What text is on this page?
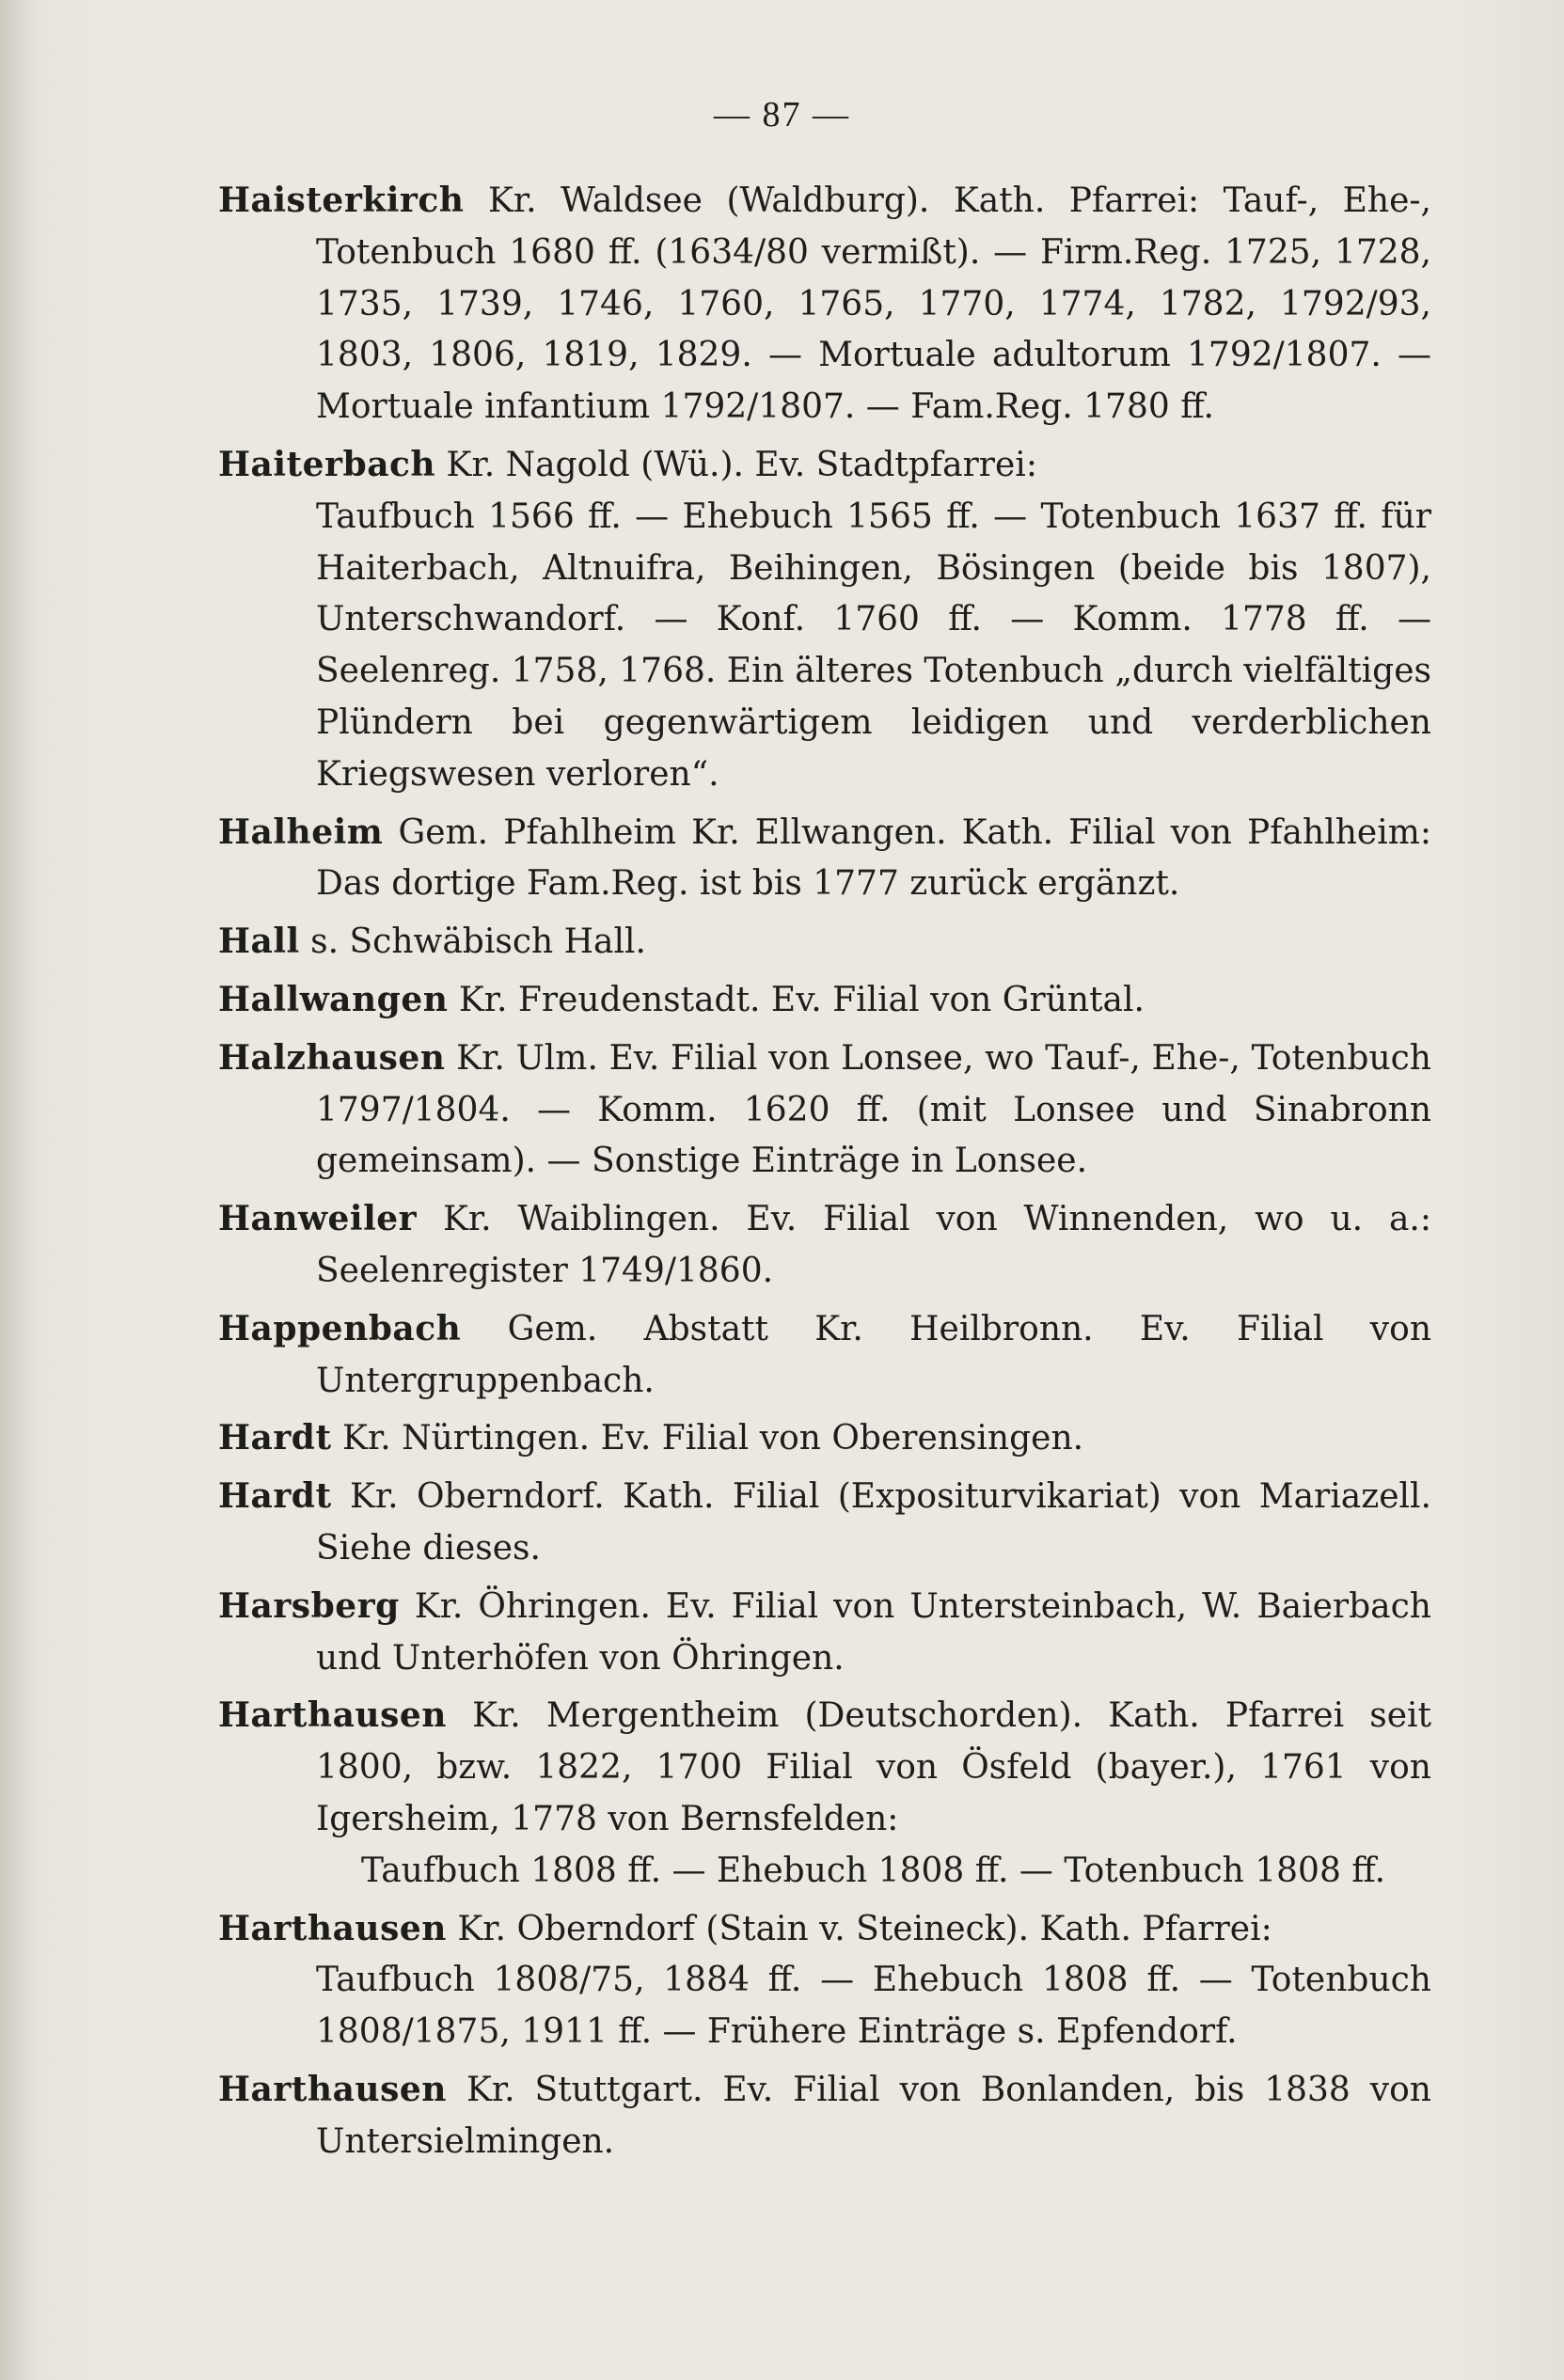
— 87 —

Haisterkirch Kr. Waldsee (Waldburg). Kath. Pfarrei: Tauf-, Ehe-, Totenbuch 1680 ff. (1634/80 vermißt). — Firm.Reg. 1725, 1728, 1735, 1739, 1746, 1760, 1765, 1770, 1774, 1782, 1792/93, 1803, 1806, 1819, 1829. — Mortuale adultorum 1792/1807. — Mortuale infantium 1792/1807. — Fam.Reg. 1780 ff.

Haiterbach Kr. Nagold (Wü.). Ev. Stadtpfarrei:

Taufbuch 1566 ff. — Ehebuch 1565 ff. — Totenbuch 1637 ff. für Haiterbach, Altnuifra, Beihingen, Bösingen (beide bis 1807), Unterschwandorf. — Konf. 1760 ff. — Komm. 1778 ff. — Seelenreg. 1758, 1768. Ein älteres Totenbuch „durch vielfältiges Plündern bei gegenwärtigem leidigen und verderblichen Kriegswesen verloren“.

Halheim Gem. Pfahlheim Kr. Ellwangen. Kath. Filial von Pfahlheim: Das dortige Fam.Reg. ist bis 1777 zurück ergänzt.

Hall s. Schwäbisch Hall.

Hallwangen Kr. Freudenstadt. Ev. Filial von Grüntal.

Halzhausen Kr. Ulm. Ev. Filial von Lonsee, wo Tauf-, Ehe-, Totenbuch 1797/1804. — Komm. 1620 ff. (mit Lonsee und Sinabronn gemeinsam). — Sonstige Einträge in Lonsee.

Hanweiler Kr. Waiblingen. Ev. Filial von Winnenden, wo u. a.: Seelenregister 1749/1860.

Happenbach Gem. Abstatt Kr. Heilbronn. Ev. Filial von Untergruppenbach.

Hardt Kr. Nürtingen. Ev. Filial von Oberensingen.

Hardt Kr. Oberndorf. Kath. Filial (Expositurvikariat) von Mariazell. Siehe dieses.

Harsberg Kr. Öhringen. Ev. Filial von Untersteinbach, W. Baierbach und Unterhöfen von Öhringen.

Harthausen Kr. Mergentheim (Deutschorden). Kath. Pfarrei seit 1800, bzw. 1822, 1700 Filial von Ösfeld (bayer.), 1761 von Igersheim, 1778 von Bernsfelden:

Taufbuch 1808 ff. — Ehebuch 1808 ff. — Totenbuch 1808 ff.

Harthausen Kr. Oberndorf (Stain v. Steineck). Kath. Pfarrei:

Taufbuch 1808/75, 1884 ff. — Ehebuch 1808 ff. — Totenbuch 1808/1875, 1911 ff. — Frühere Einträge s. Epfendorf.

Harthausen Kr. Stuttgart. Ev. Filial von Bonlanden, bis 1838 von Untersielmingen.
